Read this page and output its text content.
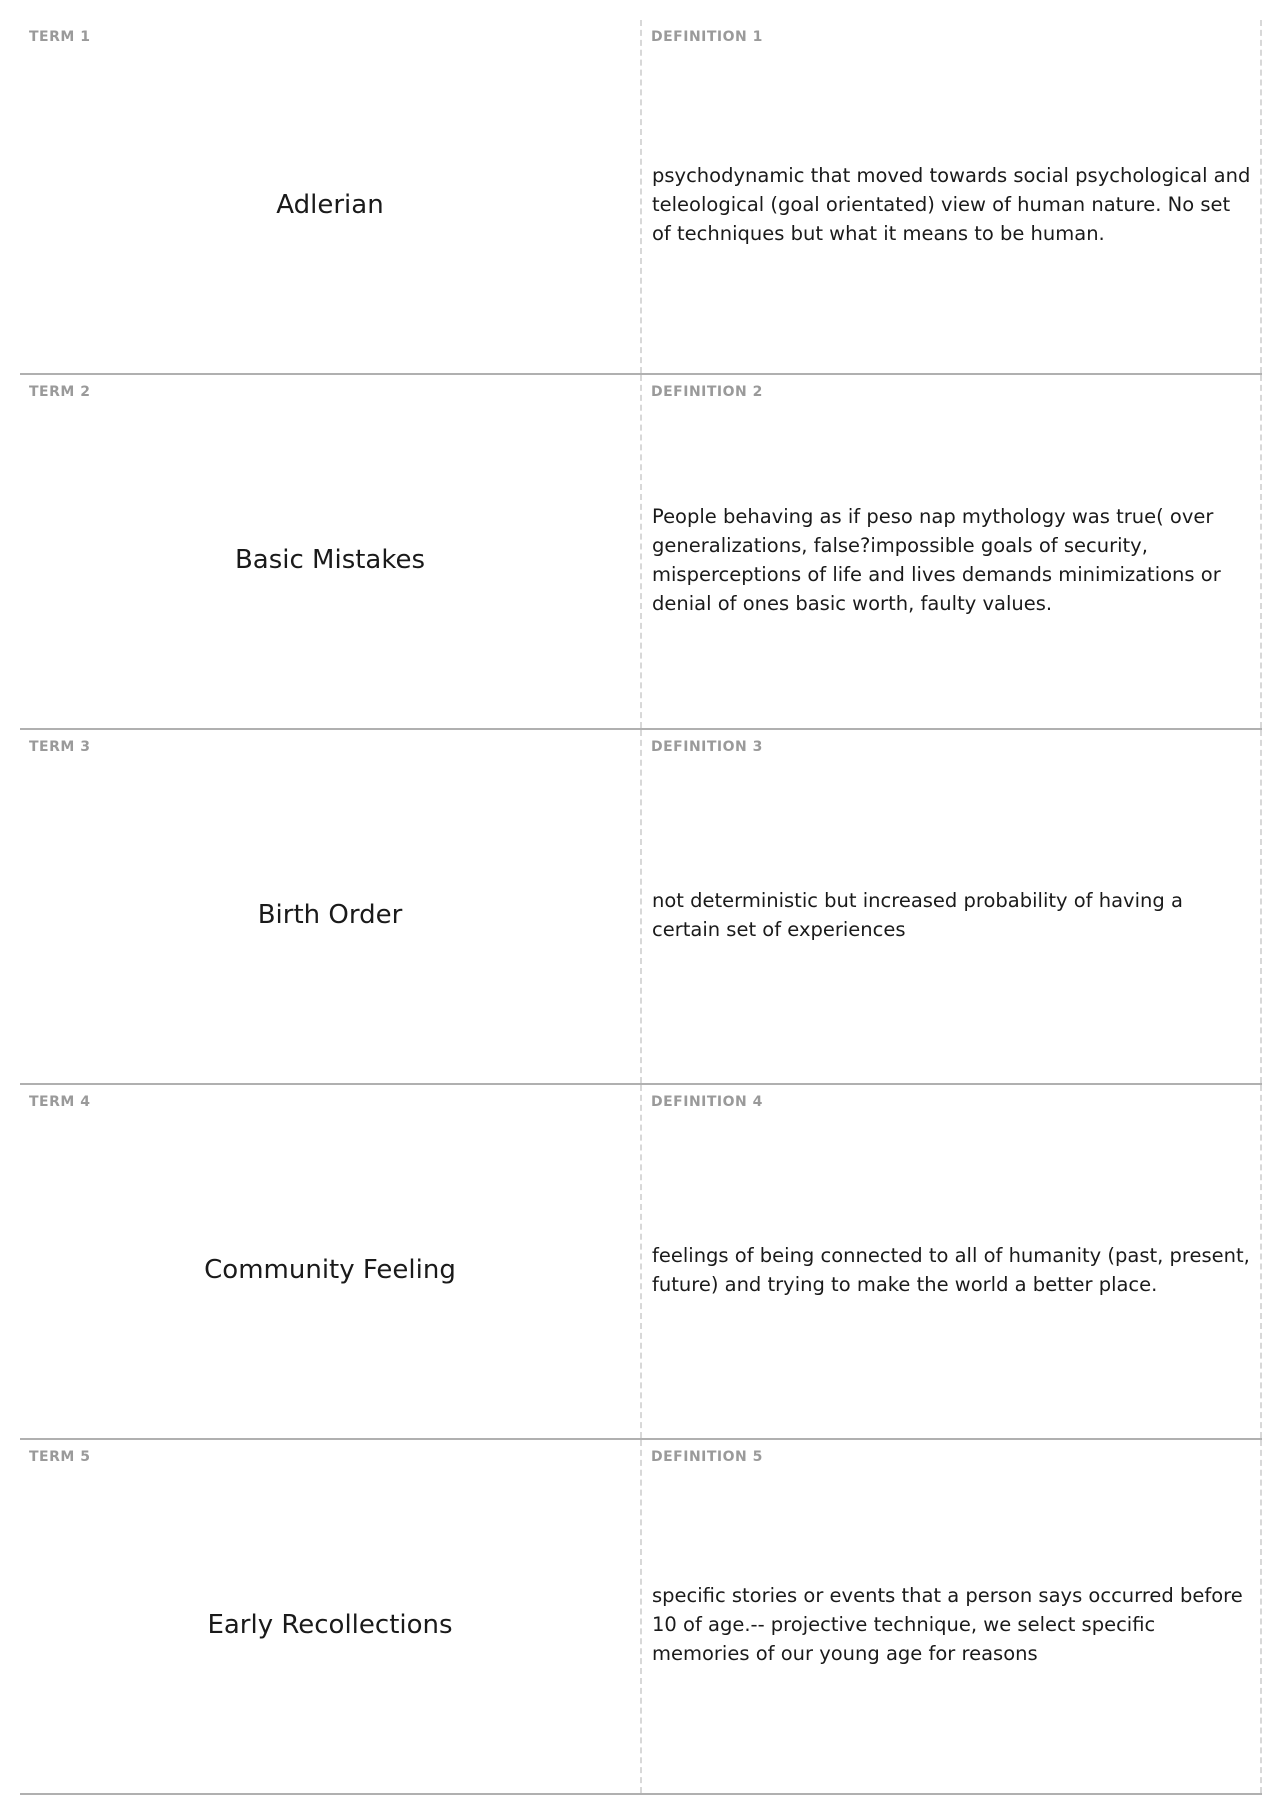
TERM 1
Adlerian
DEFINITION 1
psychodynamic that moved towards social psychological and teleological (goal orientated) view of human nature. No set of techniques but what it means to be human.
TERM 2
Basic Mistakes
DEFINITION 2
People behaving as if peso nap mythology was true( over generalizations, false?impossible goals of security, misperceptions of life and lives demands minimizations or denial of ones basic worth, faulty values.
TERM 3
Birth Order
DEFINITION 3
not deterministic but increased probability of having a certain set of experiences
TERM 4
Community Feeling
DEFINITION 4
feelings of being connected to all of humanity (past, present, future) and trying to make the world a better place.
TERM 5
Early Recollections
DEFINITION 5
specific stories or events that a person says occurred before 10 of age.-- projective technique, we select specific memories of our young age for reasons
